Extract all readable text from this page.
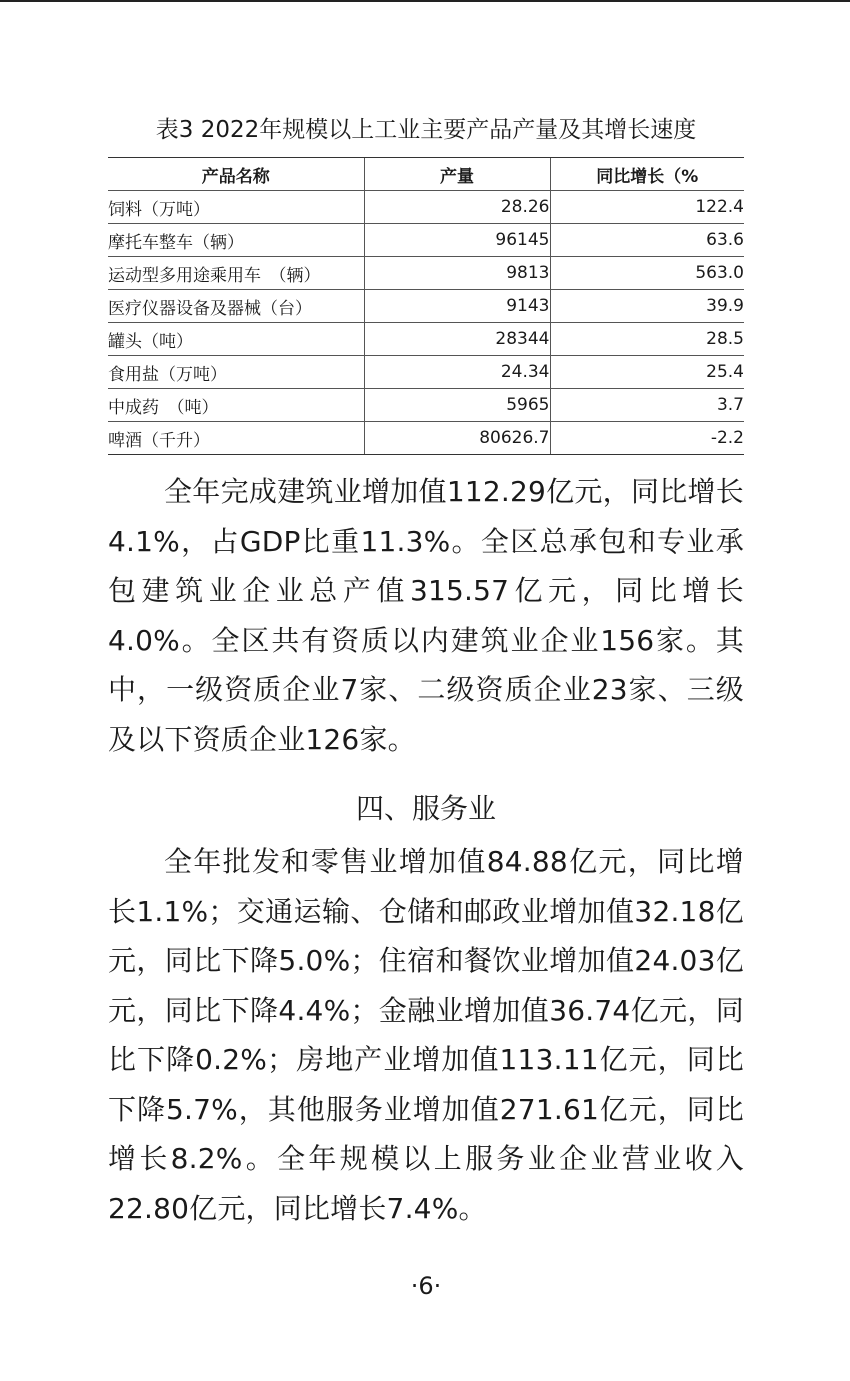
表3 2022年规模以上工业主要产品产量及其增长速度
产品名称	产量	同比增长（%
饲料（万吨）	28.26	122.4
摩托车整车（辆）	96145	63.6
运动型多用途乘用车　（辆）	9813	563.0
医疗仪器设备及器械（台）	9143	39.9
罐头（吨）	28344	28.5
食用盐（万吨）	24.34	25.4
中成药　（吨）	5965	3.7
啤酒（千升）	80626.7	-2.2

全年完成建筑业增加值112.29亿元，同比增长4.1%，占GDP比重11.3%。全区总承包和专业承包建筑业企业总产值315.57亿元，同比增长4.0%。全区共有资质以内建筑业企业156家。其中，一级资质企业7家、二级资质企业23家、三级及以下资质企业126家。

四、服务业

全年批发和零售业增加值84.88亿元，同比增长1.1%；交通运输、仓储和邮政业增加值32.18亿元，同比下降5.0%；住宿和餐饮业增加值24.03亿元，同比下降4.4%；金融业增加值36.74亿元，同比下降0.2%；房地产业增加值113.11亿元，同比下降5.7%，其他服务业增加值271.61亿元，同比增长8.2%。全年规模以上服务业企业营业收入22.80亿元，同比增长7.4%。

·6·
